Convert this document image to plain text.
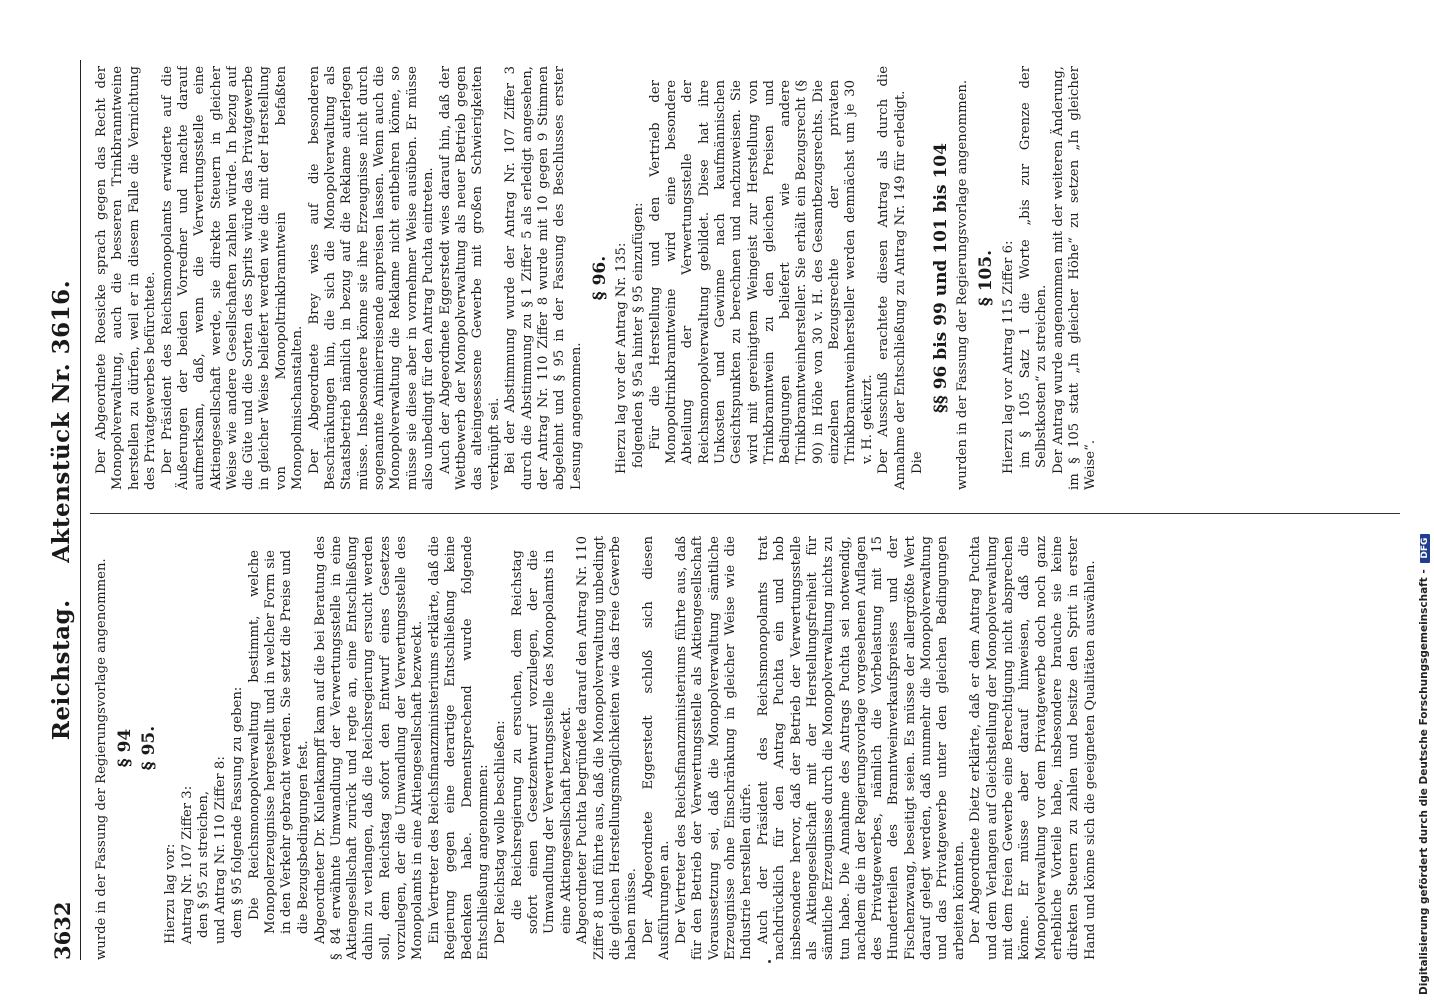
3632
Reichstag. Aktenstück Nr. 3616.

wurde in der Fassung der Regierungsvorlage angenommen. § 94 § 95.

Hierzu lag vor: Antrag Nr. 107 Ziffer 3: den § 95 zu streichen, und Antrag Nr. 110 Ziffer 8: dem § 95 folgende Fassung zu geben: Die Reichsmonopolverwaltung bestimmt, welche Monopolerzeugnisse hergestellt und in welcher Form sie in den Verkehr gebracht werden. Sie setzt die Preise und die Bezugsbedingungen fest. Abgeordneter Dr. Kulenkampff kam auf die bei Beratung des § 84 erwähnte Umwandlung der Verwertungsstelle in eine Aktiengesellschaft zurück und regte an, eine Entschließung dahin zu verlangen, daß die Reichsregierung ersucht werden soll, dem Reichstag sofort den Entwurf eines Gesetzes vorzulegen, der die Umwandlung der Verwertungsstelle des Monopolamts in eine Aktiengesellschaft bezweckt. Ein Vertreter des Reichsfinanzministeriums erklärte, daß die Regierung gegen eine derartige Entschließung keine Bedenken habe. Dementsprechend wurde folgende Entschließung angenommen: Der Reichstag wolle beschließen: die Reichsregierung zu ersuchen, dem Reichstag sofort einen Gesetzentwurf vorzulegen, der die Umwandlung der Verwertungsstelle des Monopolamts in eine Aktiengesellschaft bezweckt. Abgeordneter Puchta begründete darauf den Antrag Nr. 110 Ziffer 8 und führte aus, daß die Monopolverwaltung unbedingt die gleichen Herstellungsmöglichkeiten wie das freie Gewerbe haben müsse. Der Abgeordnete Eggerstedt schloß sich diesen Ausführungen an. Der Vertreter des Reichsfinanzministeriums führte aus, daß für den Betrieb der Verwertungsstelle als Aktiengesellschaft Voraussetzung sei, daß die Monopolverwaltung sämtliche Erzeugnisse ohne Einschränkung in gleicher Weise wie die Industrie herstellen dürfe. Auch der Präsident des Reichsmonopolamts trat nachdrücklich für den Antrag Puchta ein und hob insbesondere hervor, daß der Betrieb der Verwertungsstelle als Aktiengesellschaft mit der Herstellungsfreiheit für sämtliche Erzeugnisse durch die Monopolverwaltung nichts zu tun habe. Die Annahme des Antrags Puchta sei notwendig, nachdem die in der Regierungsvorlage vorgesehenen Auflagen des Privatgewerbes, nämlich die Vorbelastung mit 15 Hundertteilen des Branntweinverkaufspreises und der Fischenzwang, beseitigt seien. Es müsse der allergrößte Wert darauf gelegt werden, daß nunmehr die Monopolverwaltung und das Privatgewerbe unter den gleichen Bedingungen arbeiten könnten. Der Abgeordnete Dietz erklärte, daß er dem Antrag Puchta und dem Verlangen auf Gleichstellung der Monopolverwaltung mit dem freien Gewerbe eine Berechtigung nicht absprechen könne. Er müsse aber darauf hinweisen, daß die Monopolverwaltung vor dem Privatgewerbe doch noch ganz erhebliche Vorteile habe, insbesondere brauche sie keine direkten Steuern zu zahlen und besitze den Sprit in erster Hand und könne sich die geeigneten Qualitäten auswählen.

Der Abgeordnete Roesicke sprach gegen das Recht der Monopolverwaltung, auch die besseren Trinkbranntweine herstellen zu dürfen, weil er in diesem Falle die Vernichtung des Privatgewerbes befürchtete. Der Präsident des Reichsmonopolamts erwiderte auf die Äußerungen der beiden Vorredner und machte darauf aufmerksam, daß, wenn die Verwertungsstelle eine Aktiengesellschaft werde, sie direkte Steuern in gleicher Weise wie andere Gesellschaften zahlen würde. In bezug auf die Güte und die Sorten des Sprits würde das Privatgewerbe in gleicher Weise beliefert werden wie die mit der Herstellung von Monopoltrinkbranntwein befaßten Monopolmischanstalten. Der Abgeordnete Brey wies auf die besonderen Beschränkungen hin, die sich die Monopolverwaltung als Staatsbetrieb nämlich in bezug auf die Reklame auferlegen müsse. Insbesondere könne sie ihre Erzeugnisse nicht durch sogenannte Animierreisende anpreisen lassen. Wenn auch die Monopolverwaltung die Reklame nicht entbehren könne, so müsse sie diese aber in vornehmer Weise ausüben. Er müsse also unbedingt für den Antrag Puchta eintreten. Auch der Abgeordnete Eggerstedt wies darauf hin, daß der Wettbewerb der Monopolverwaltung als neuer Betrieb gegen das alteingesessene Gewerbe mit großen Schwierigkeiten verknüpft sei. Bei der Abstimmung wurde der Antrag Nr. 107 Ziffer 3 durch die Abstimmung zu § 1 Ziffer 5 als erledigt angesehen, der Antrag Nr. 110 Ziffer 8 wurde mit 10 gegen 9 Stimmen abgelehnt und § 95 in der Fassung des Beschlusses erster Lesung angenommen.

§ 96. Hierzu lag vor der Antrag Nr. 135: folgenden § 95a hinter § 95 einzufügen: Für die Herstellung und den Vertrieb der Monopoltrinkbranntweine wird eine besondere Abteilung der Verwertungsstelle der Reichsmonopolverwaltung gebildet. Diese hat ihre Unkosten und Gewinne nach kaufmännischen Gesichtspunkten zu berechnen und nachzuweisen. Sie wird mit gereinigtem Weingeist zur Herstellung von Trinkbranntwein zu den gleichen Preisen und Bedingungen beliefert wie andere Trinkbranntweinhersteller. Sie erhält ein Bezugsrecht (§ 90) in Höhe von 30 v. H. des Gesamtbezugsrechts. Die einzelnen Bezugsrechte der privaten Trinkbranntweinhersteller werden demnächst um je 30 v. H. gekürzt. Der Ausschuß erachtete diesen Antrag als durch die Annahme der Entschließung zu Antrag Nr. 149 für erledigt. Die

§§ 96 bis 99 und 101 bis 104 wurden in der Fassung der Regierungsvorlage angenommen. § 105. Hierzu lag vor Antrag 115 Ziffer 6: im § 105 Satz 1 die Worte „bis zur Grenze der Selbstkosten“ zu streichen. Der Antrag wurde angenommen mit der weiteren Änderung, im § 105 statt „In gleicher Höhe“ zu setzen „In gleicher Weise“.

Digitalisierung gefördert durch die Deutsche Forschungsgemeinschaft - DFG
